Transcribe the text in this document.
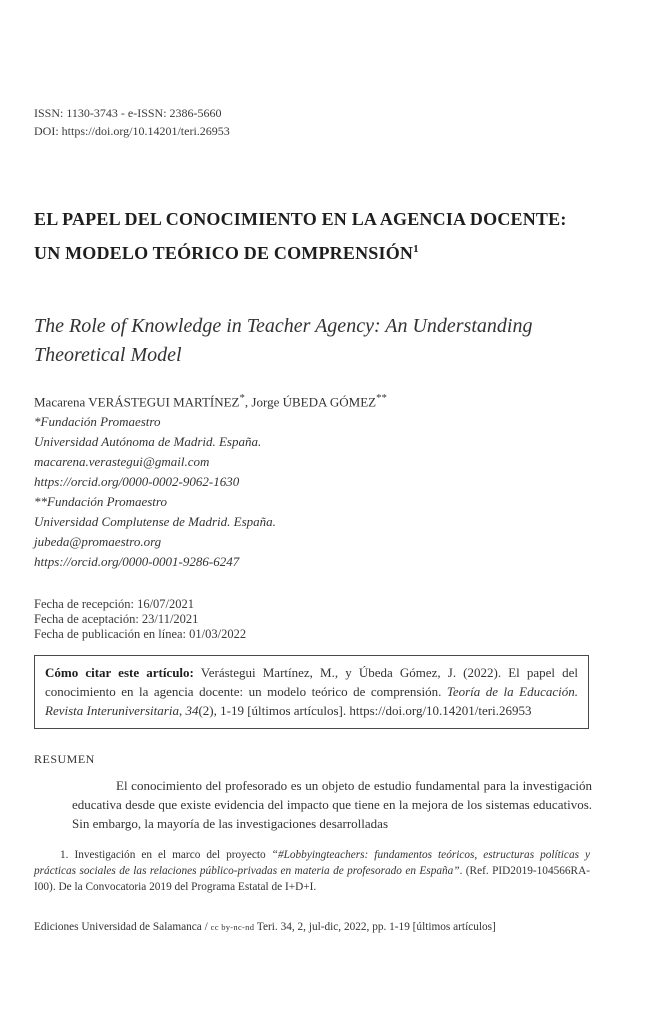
ISSN: 1130-3743 - e-ISSN: 2386-5660
DOI: https://doi.org/10.14201/teri.26953
EL PAPEL DEL CONOCIMIENTO EN LA AGENCIA DOCENTE: UN MODELO TEÓRICO DE COMPRENSIÓN$^1$
The Role of Knowledge in Teacher Agency: An Understanding Theoretical Model
Macarena VERÁSTEGUI MARTÍNEZ*, Jorge ÚBEDA GÓMEZ**
*Fundación Promaestro
Universidad Autónoma de Madrid. España.
macarena.verastegui@gmail.com
https://orcid.org/0000-0002-9062-1630
**Fundación Promaestro
Universidad Complutense de Madrid. España.
jubeda@promaestro.org
https://orcid.org/0000-0001-9286-6247
Fecha de recepción: 16/07/2021
Fecha de aceptación: 23/11/2021
Fecha de publicación en línea: 01/03/2022
Cómo citar este artículo: Verástegui Martínez, M., y Úbeda Gómez, J. (2022). El papel del conocimiento en la agencia docente: un modelo teórico de comprensión. Teoría de la Educación. Revista Interuniversitaria, 34(2), 1-19 [últimos artículos]. https://doi.org/10.14201/teri.26953
RESUMEN
El conocimiento del profesorado es un objeto de estudio fundamental para la investigación educativa desde que existe evidencia del impacto que tiene en la mejora de los sistemas educativos. Sin embargo, la mayoría de las investigaciones desarrolladas
1. Investigación en el marco del proyecto “#Lobbyingteachers: fundamentos teóricos, estructuras políticas y prácticas sociales de las relaciones público-privadas en materia de profesorado en España”. (Ref. PID2019-104566RA-I00). De la Convocatoria 2019 del Programa Estatal de I+D+I.
Ediciones Universidad de Salamanca / cc by-nc-nd Teri. 34, 2, jul-dic, 2022, pp. 1-19 [últimos artículos]
